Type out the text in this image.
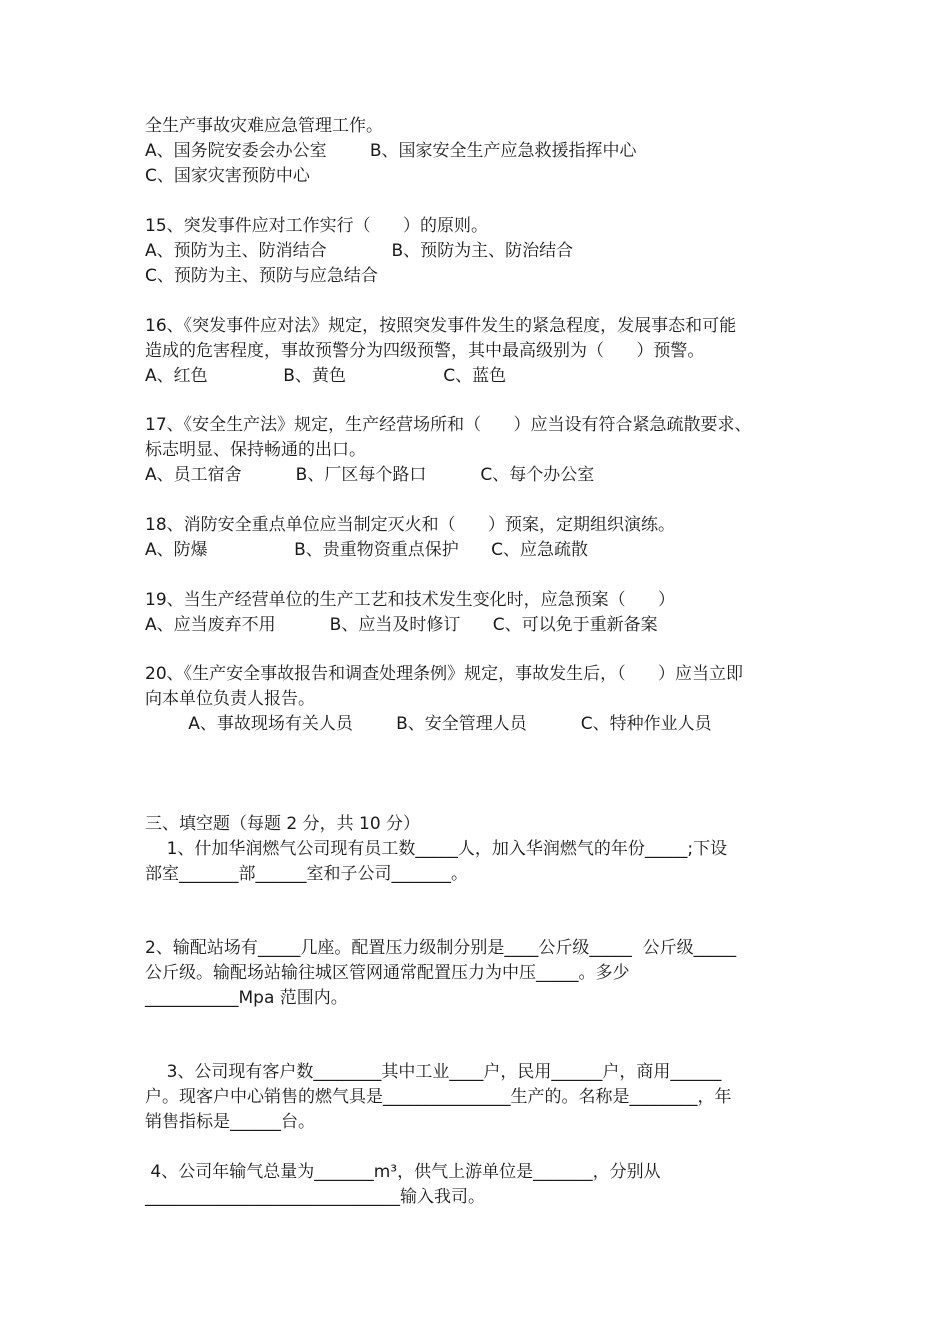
全生产事故灾难应急管理工作。
A、国务院安委会办公室        B、国家安全生产应急救援指挥中心
C、国家灾害预防中心
15、突发事件应对工作实行（      ）的原则。
A、预防为主、防消结合            B、预防为主、防治结合
C、预防为主、预防与应急结合
16、《突发事件应对法》规定，按照突发事件发生的紧急程度，发展事态和可能
造成的危害程度，事故预警分为四级预警，其中最高级别为（      ）预警。
A、红色              B、黄色                  C、蓝色
17、《安全生产法》规定，生产经营场所和（      ）应当设有符合紧急疏散要求、
标志明显、保持畅通的出口。
A、员工宿舍          B、厂区每个路口          C、每个办公室
18、消防安全重点单位应当制定灭火和（      ）预案，定期组织演练。
A、防爆                B、贵重物资重点保护      C、应急疏散
19、当生产经营单位的生产工艺和技术发生变化时，应急预案（      ）
A、应当废弃不用          B、应当及时修订      C、可以免于重新备案
20、《生产安全事故报告和调查处理条例》规定，事故发生后，（      ）应当立即
向本单位负责人报告。
A、事故现场有关人员        B、安全管理人员          C、特种作业人员
三、填空题（每题 2 分，共 10 分）
1、什加华润燃气公司现有员工数_____人，加入华润燃气的年份_____;下设
部室_______部______室和子公司_______。
2、输配站场有_____几座。配置压力级制分别是____公斤级_____  公斤级_____
公斤级。输配场站输往城区管网通常配置压力为中压_____。多少
___________Mpa 范围内。
3、公司现有客户数________其中工业____户，民用______户，商用______
户。现客户中心销售的燃气具是_______________生产的。名称是________，年
销售指标是______台。
4、公司年输气总量为_______m³，供气上游单位是_______，分别从
______________________________输入我司。
